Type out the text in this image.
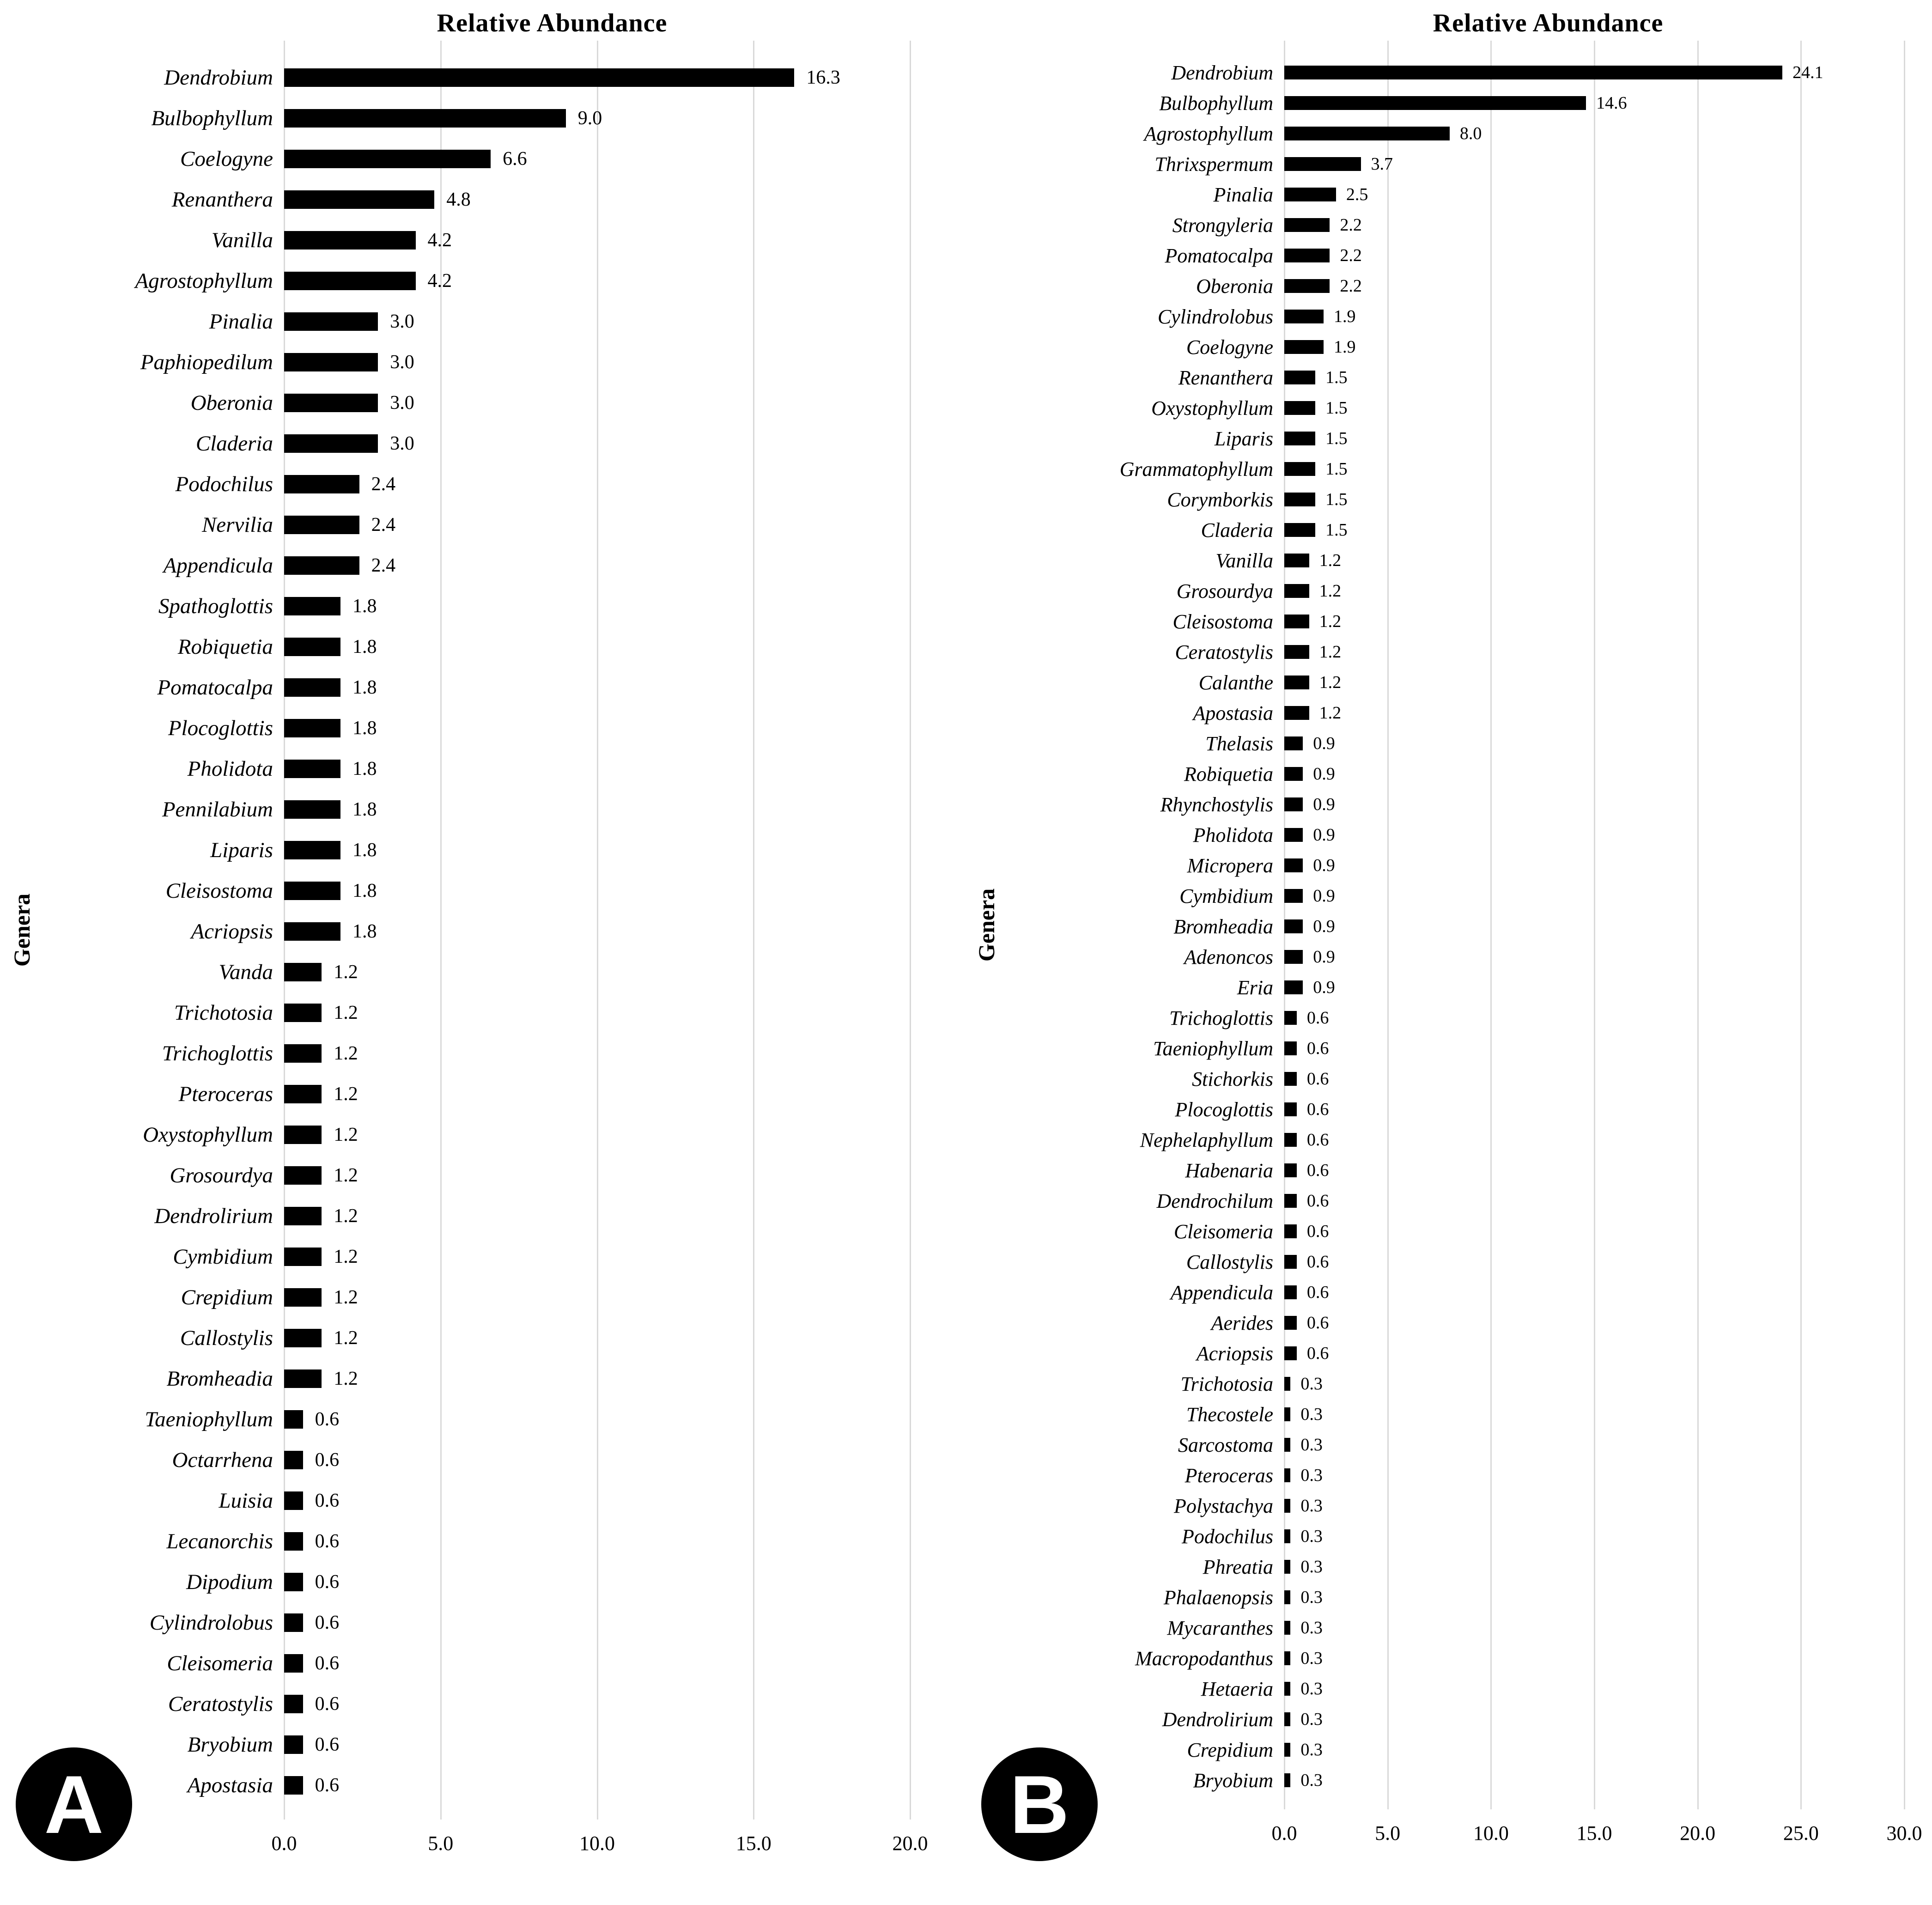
Relative Abundance
Genera
Dendrobium
Bulbophyllum
Coelogyne
Renanthera
Vanilla
Agrostophyllum
Pinalia
Paphiopedilum
Oberonia
Claderia
Podochilus
Nervilia
Appendicula
Spathoglottis
Robiquetia
Pomatocalpa
Plocoglottis
Pholidota
Pennilabium
Liparis
Cleisostoma
Acriopsis
Vanda
Trichotosia
Trichoglottis
Pteroceras
Oxystophyllum
Grosourdya
Dendrolirium
Cymbidium
Crepidium
Callostylis
Bromheadia
Taeniophyllum
Octarrhena
Luisia
Lecanorchis
Dipodium
Cylindrolobus
Cleisomeria
Ceratostylis
Bryobium
Apostasia
16.3
9.0
6.6
4.8
4.2
4.2
3.0
3.0
3.0
3.0
2.4
2.4
2.4
1.8
1.8
1.8
1.8
1.8
1.8
1.8
1.8
1.8
1.2
1.2
1.2
1.2
1.2
1.2
1.2
1.2
1.2
1.2
1.2
0.6
0.6
0.6
0.6
0.6
0.6
0.6
0.6
0.6
0.6
0.0	5.0	10.0	15.0	20.0
A
Relative Abundance
Genera
Dendrobium
Bulbophyllum
Agrostophyllum
Thrixspermum
Pinalia
Strongyleria
Pomatocalpa
Oberonia
Cylindrolobus
Coelogyne
Renanthera
Oxystophyllum
Liparis
Grammatophyllum
Corymborkis
Claderia
Vanilla
Grosourdya
Cleisostoma
Ceratostylis
Calanthe
Apostasia
Thelasis
Robiquetia
Rhynchostylis
Pholidota
Micropera
Cymbidium
Bromheadia
Adenoncos
Eria
Trichoglottis
Taeniophyllum
Stichorkis
Plocoglottis
Nephelaphyllum
Habenaria
Dendrochilum
Cleisomeria
Callostylis
Appendicula
Aerides
Acriopsis
Trichotosia
Thecostele
Sarcostoma
Pteroceras
Polystachya
Podochilus
Phreatia
Phalaenopsis
Mycaranthes
Macropodanthus
Hetaeria
Dendrolirium
Crepidium
Bryobium
24.1
14.6
8.0
3.7
2.5
2.2
2.2
2.2
1.9
1.9
1.5
1.5
1.5
1.5
1.5
1.5
1.2
1.2
1.2
1.2
1.2
1.2
0.9
0.9
0.9
0.9
0.9
0.9
0.9
0.9
0.9
0.6
0.6
0.6
0.6
0.6
0.6
0.6
0.6
0.6
0.6
0.6
0.6
0.3
0.3
0.3
0.3
0.3
0.3
0.3
0.3
0.3
0.3
0.3
0.3
0.3
0.3
0.0	5.0	10.0	15.0	20.0	25.0	30.0
B
